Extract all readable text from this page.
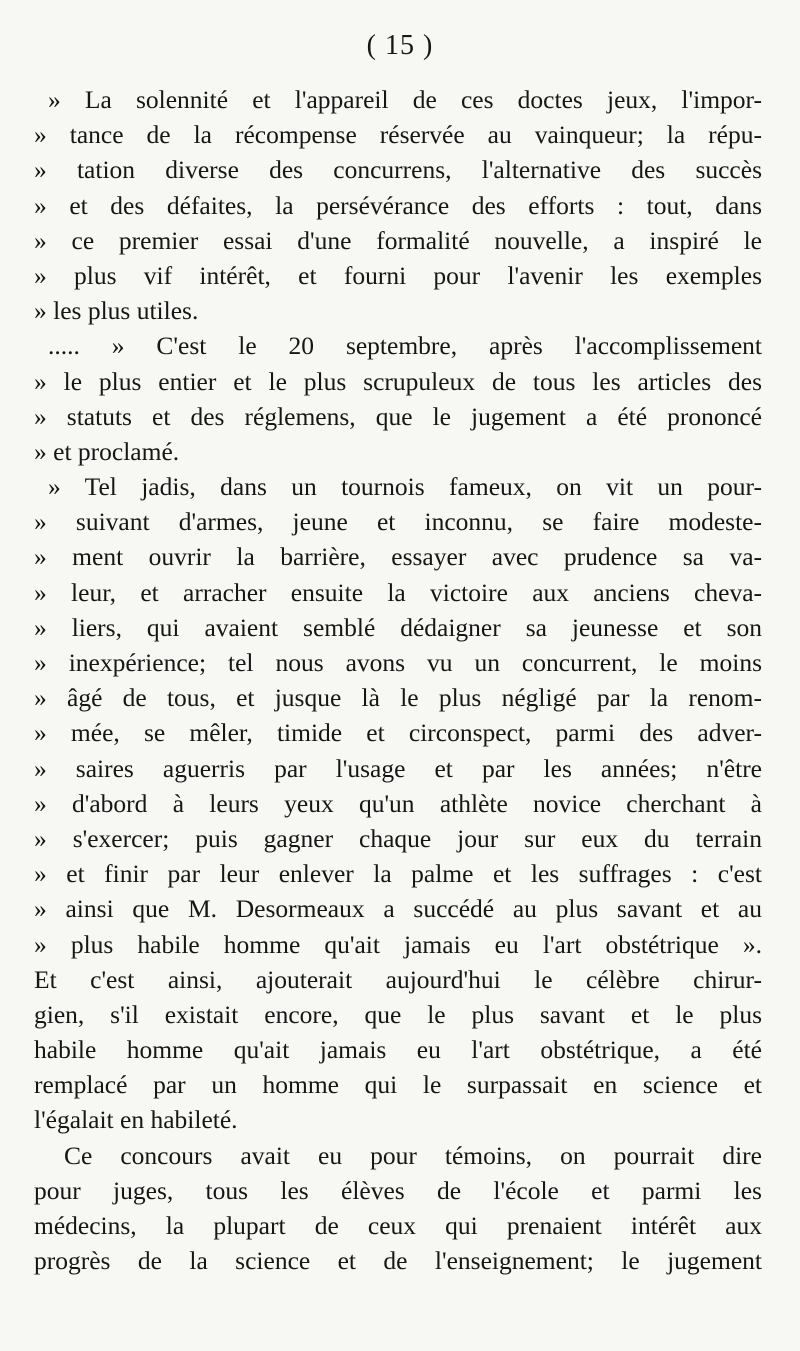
( 15 )
» La solennité et l'appareil de ces doctes jeux, l'impor-
» tance de la récompense réservée au vainqueur; la répu-
» tation diverse des concurrens, l'alternative des succès
» et des défaites, la persévérance des efforts : tout, dans
» ce premier essai d'une formalité nouvelle, a inspiré le
» plus vif intérêt, et fourni pour l'avenir les exemples
» les plus utiles.
..... » C'est le 20 septembre, après l'accomplissement
» le plus entier et le plus scrupuleux de tous les articles des
» statuts et des réglemens, que le jugement a été prononcé
» et proclamé.
» Tel jadis, dans un tournois fameux, on vit un pour-
» suivant d'armes, jeune et inconnu, se faire modeste-
» ment ouvrir la barrière, essayer avec prudence sa va-
» leur, et arracher ensuite la victoire aux anciens cheva-
» liers, qui avaient semblé dédaigner sa jeunesse et son
» inexpérience; tel nous avons vu un concurrent, le moins
» âgé de tous, et jusque là le plus négligé par la renom-
» mée, se mêler, timide et circonspect, parmi des adver-
» saires aguerris par l'usage et par les années; n'être
» d'abord à leurs yeux qu'un athlète novice cherchant à
» s'exercer; puis gagner chaque jour sur eux du terrain
» et finir par leur enlever la palme et les suffrages : c'est
» ainsi que M. Desormeaux a succédé au plus savant et au
» plus habile homme qu'ait jamais eu l'art obstétrique ».
Et c'est ainsi, ajouterait aujourd'hui le célèbre chirur-
gien, s'il existait encore, que le plus savant et le plus
habile homme qu'ait jamais eu l'art obstétrique, a été
remplacé par un homme qui le surpassait en science et
l'égalait en habileté.
Ce concours avait eu pour témoins, on pourrait dire
pour juges, tous les élèves de l'école et parmi les
médecins, la plupart de ceux qui prenaient intérêt aux
progrès de la science et de l'enseignement; le jugement
